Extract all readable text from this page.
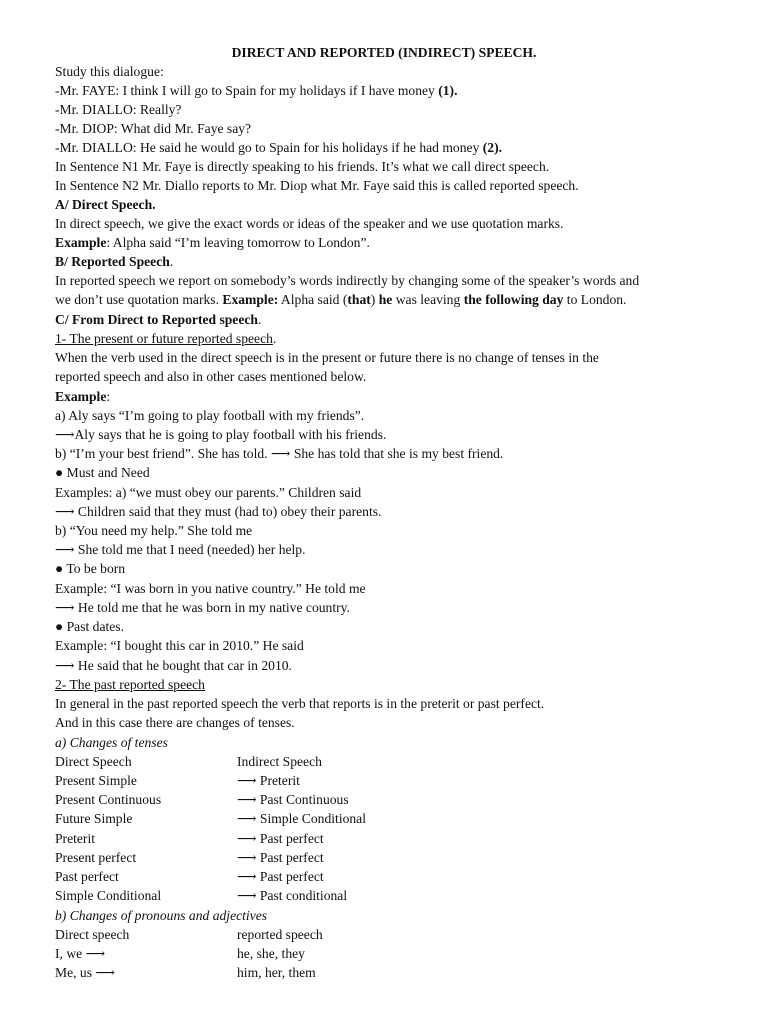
DIRECT AND REPORTED (INDIRECT) SPEECH.
Study this dialogue:
-Mr. FAYE: I think I will go to Spain for my holidays if I have money (1).
-Mr. DIALLO: Really?
-Mr. DIOP: What did Mr. Faye say?
-Mr. DIALLO: He said he would go to Spain for his holidays if he had money (2).
In Sentence N1 Mr. Faye is directly speaking to his friends. It’s what we call direct speech.
In Sentence N2 Mr. Diallo reports to Mr. Diop what Mr. Faye said this is called reported speech.
A/ Direct Speech.
In direct speech, we give the exact words or ideas of the speaker and we use quotation marks.
Example: Alpha said “I’m leaving tomorrow to London”.
B/ Reported Speech.
In reported speech we report on somebody’s words indirectly by changing some of the speaker’s words and
we don’t use quotation marks. Example: Alpha said (that) he was leaving the following day to London.
C/ From Direct to Reported speech.
1- The present or future reported speech.
When the verb used in the direct speech is in the present or future there is no change of tenses in the
reported speech and also in other cases mentioned below.
Example:
a) Aly says “I’m going to play football with my friends”.
⟶Aly says that he is going to play football with his friends.
b) “I’m your best friend”. She has told. ⟶ She has told that she is my best friend.
● Must and Need
Examples: a) “we must obey our parents.” Children said
⟶ Children said that they must (had to) obey their parents.
b) “You need my help.” She told me
⟶ She told me that I need (needed) her help.
● To be born
Example: “I was born in you native country.” He told me
⟶ He told me that he was born in my native country.
● Past dates.
Example: “I bought this car in 2010.” He said
⟶ He said that he bought that car in 2010.
2- The past reported speech
In general in the past reported speech the verb that reports is in the preterit or past perfect.
And in this case there are changes of tenses.
a) Changes of tenses
Direct Speech	Indirect Speech
Present Simple	⟶ Preterit
Present Continuous	⟶ Past Continuous
Future Simple	⟶ Simple Conditional
Preterit	⟶ Past perfect
Present perfect	⟶ Past perfect
Past perfect	⟶ Past perfect
Simple Conditional	⟶ Past conditional
b) Changes of pronouns and adjectives
Direct speech	reported speech
I, we ⟶	he, she, they
Me, us ⟶	him, her, them
